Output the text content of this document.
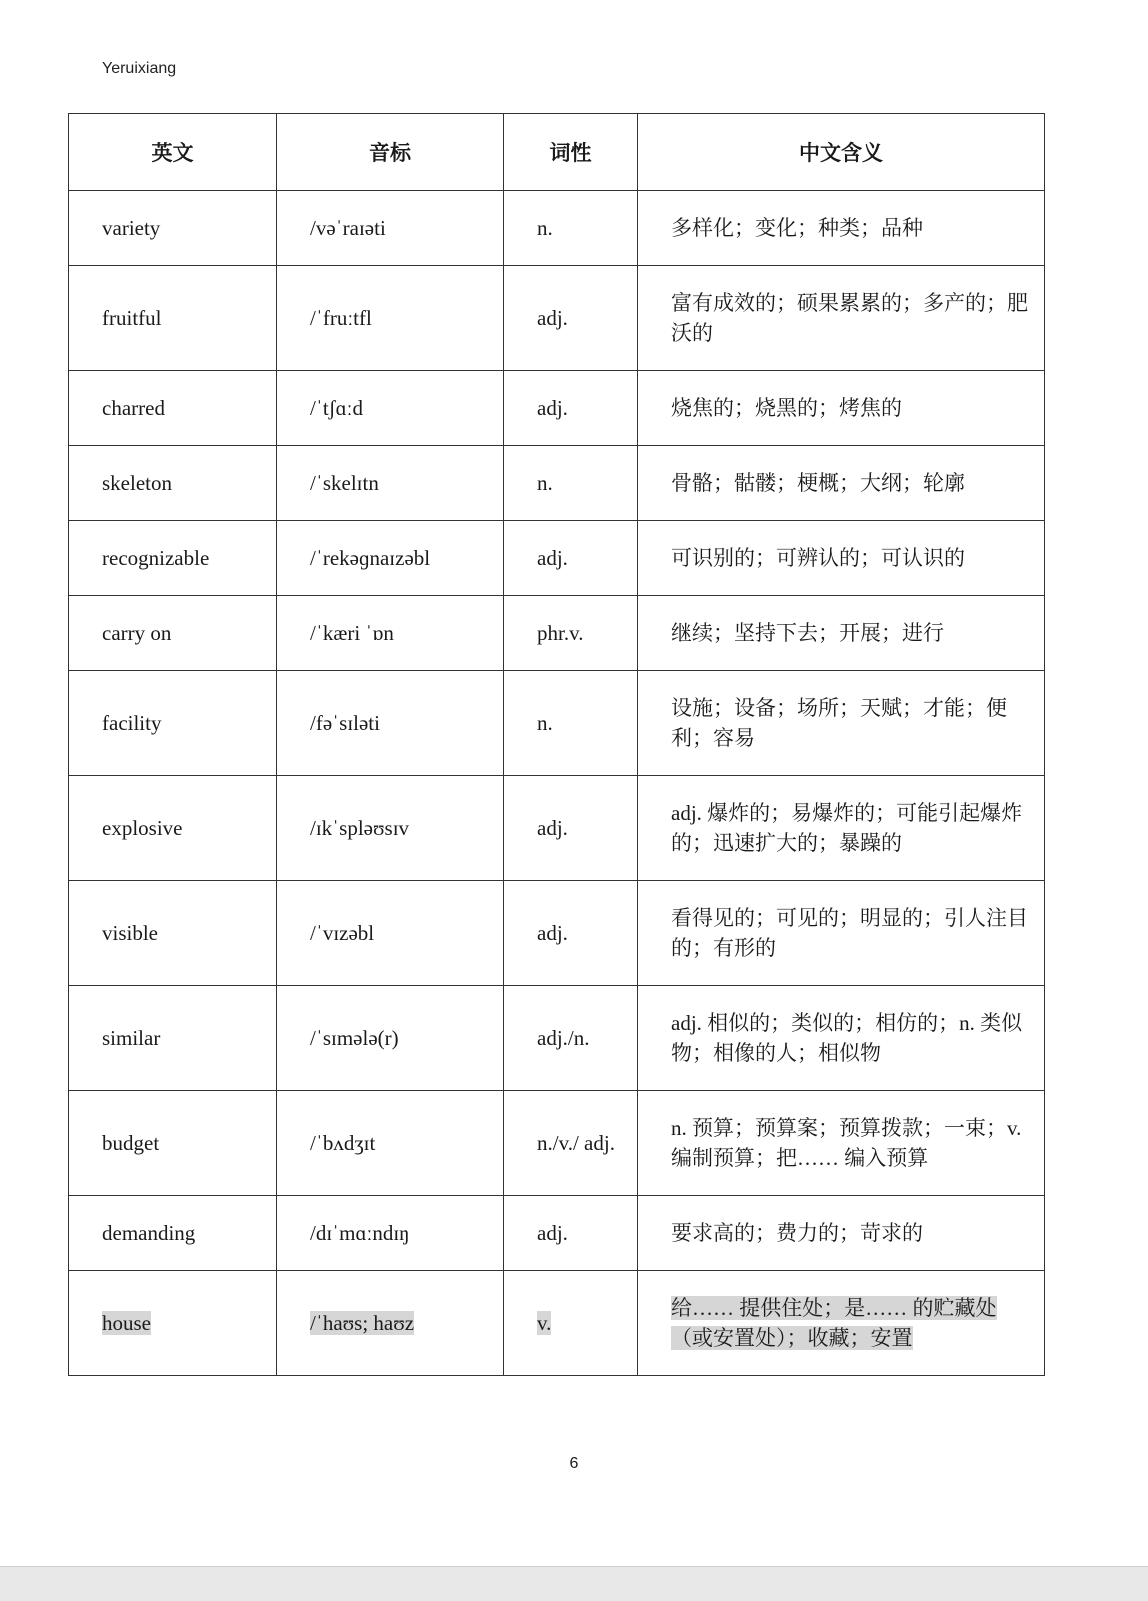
Yeruixiang
英文	音标	词性	中文含义
variety	/vəˈraɪəti	n.	多样化；变化；种类；品种
fruitful	/ˈfruːtfl	adj.	富有成效的；硕果累累的；多产的；肥沃的
charred	/ˈtʃɑːd	adj.	烧焦的；烧黑的；烤焦的
skeleton	/ˈskelɪtn	n.	骨骼；骷髅；梗概；大纲；轮廓
recognizable	/ˈrekəɡnaɪzəbl	adj.	可识别的；可辨认的；可认识的
carry on	/ˈkæri ˈɒn	phr.v.	继续；坚持下去；开展；进行
facility	/fəˈsɪləti	n.	设施；设备；场所；天赋；才能；便利；容易
explosive	/ɪkˈspləʊsɪv	adj.	adj. 爆炸的；易爆炸的；可能引起爆炸的；迅速扩大的；暴躁的
visible	/ˈvɪzəbl	adj.	看得见的；可见的；明显的；引人注目的；有形的
similar	/ˈsɪmələ(r)	adj./n.	adj. 相似的；类似的；相仿的；n. 类似物；相像的人；相似物
budget	/ˈbʌdʒɪt	n./v./ adj.	n. 预算；预算案；预算拨款；一束；v. 编制预算；把…… 编入预算
demanding	/dɪˈmɑːndɪŋ	adj.	要求高的；费力的；苛求的
house	/ˈhaʊs; haʊz	v.	给…… 提供住处；是…… 的贮藏处（或安置处）；收藏；安置
6
